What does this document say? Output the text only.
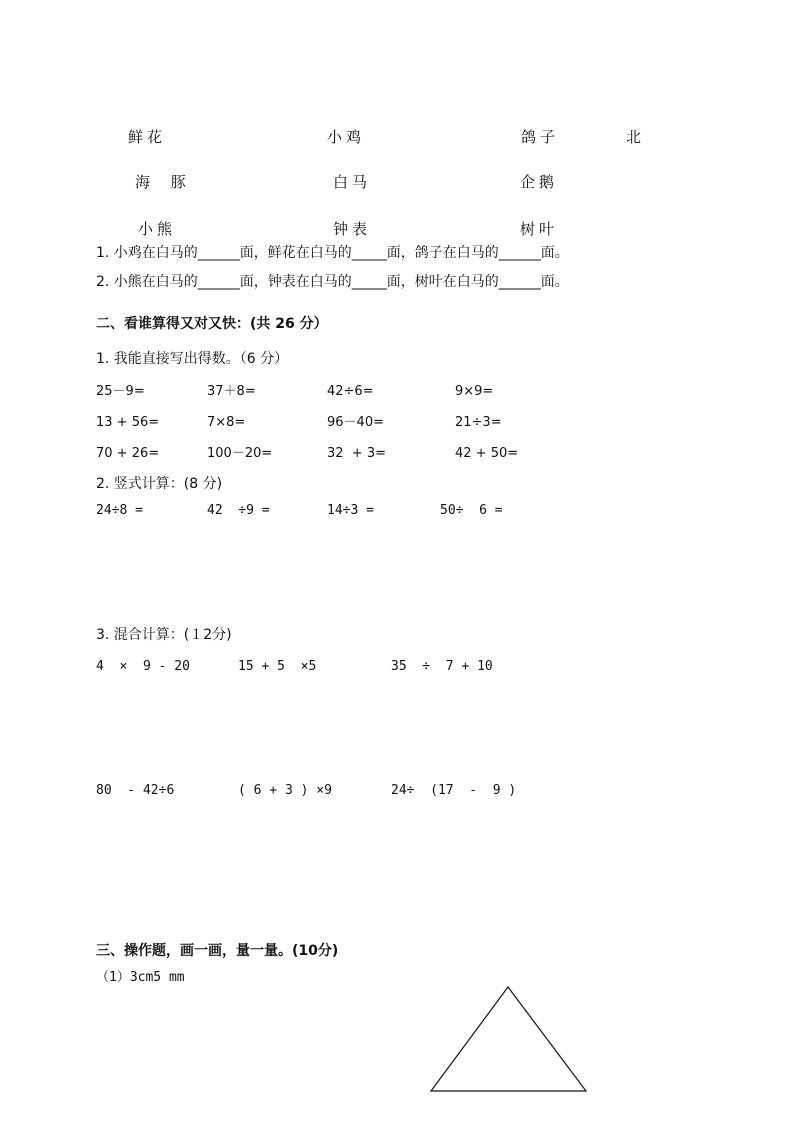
鲜花	小鸡	鸽子	北
海 豚	白马	企鹅
小熊	钟表	树叶
1. 小鸡在白马的______面，鲜花在白马的_____面，鸽子在白马的______面。
2. 小熊在白马的______面，钟表在白马的_____面，树叶在白马的______面。
二、看谁算得又对又快：(共 26 分）
1. 我能直接写出得数。（6 分）
25－9=	37＋8=	42÷6=	9×9=
13 + 56=	7×8=	96－40=	21÷3=
70 + 26=	100－20=	32  + 3=	42 + 50=
2. 竖式计算：(8 分)
24÷8 =	42  ÷9 =	14÷3 =	50÷  6 =
3. 混合计算：(１2分)
4  ×  9 - 20	15 + 5  ×5	35  ÷  7 + 10
80  - 42÷6	( 6 + 3 ) ×9	24÷  (17  -  9 )
三、操作题，画一画，量一量。(10分)
（1）3cm5 mm
